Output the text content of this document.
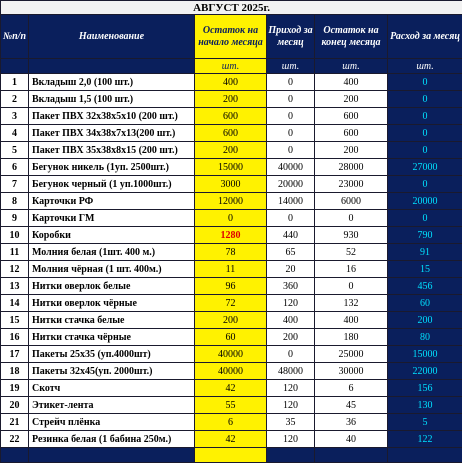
АВГУСТ 2025г.					
№п/п	Наименование	Остаток на начало месяца	Приход за месяц	Остаток на конец месяца	Расход за месяц
		шт.	шт.	шт.	шт.
1	Вкладыш 2,0 (100 шт.)	400	0	400	0
2	Вкладыш 1,5 (100 шт.)	200	0	200	0
3	Пакет ПВХ 32х38х5х10 (200 шт.)	600	0	600	0
4	Пакет ПВХ 34х38х7х13(200 шт.)	600	0	600	0
5	Пакет ПВХ 35х38х8х15 (200 шт.)	200	0	200	0
6	Бегунок никель (1уп. 2500шт.)	15000	40000	28000	27000
7	Бегунок черный (1 уп.1000шт.)	3000	20000	23000	0
8	Карточки РФ	12000	14000	6000	20000
9	Карточки ГМ	0	0	0	0
10	Коробки	1280	440	930	790
11	Молния белая (1шт. 400 м.)	78	65	52	91
12	Молния чёрная (1 шт. 400м.)	11	20	16	15
13	Нитки оверлок белые	96	360	0	456
14	Нитки оверлок чёрные	72	120	132	60
15	Нитки стачка белые	200	400	400	200
16	Нитки стачка чёрные	60	200	180	80
17	Пакеты 25х35 (уп.4000шт)	40000	0	25000	15000
18	Пакеты 32х45(уп. 2000шт.)	40000	48000	30000	22000
19	Скотч	42	120	6	156
20	Этикет-лента	55	120	45	130
21	Стрейч плёнка	6	35	36	5
22	Резинка белая (1 бабина 250м.)	42	120	40	122
